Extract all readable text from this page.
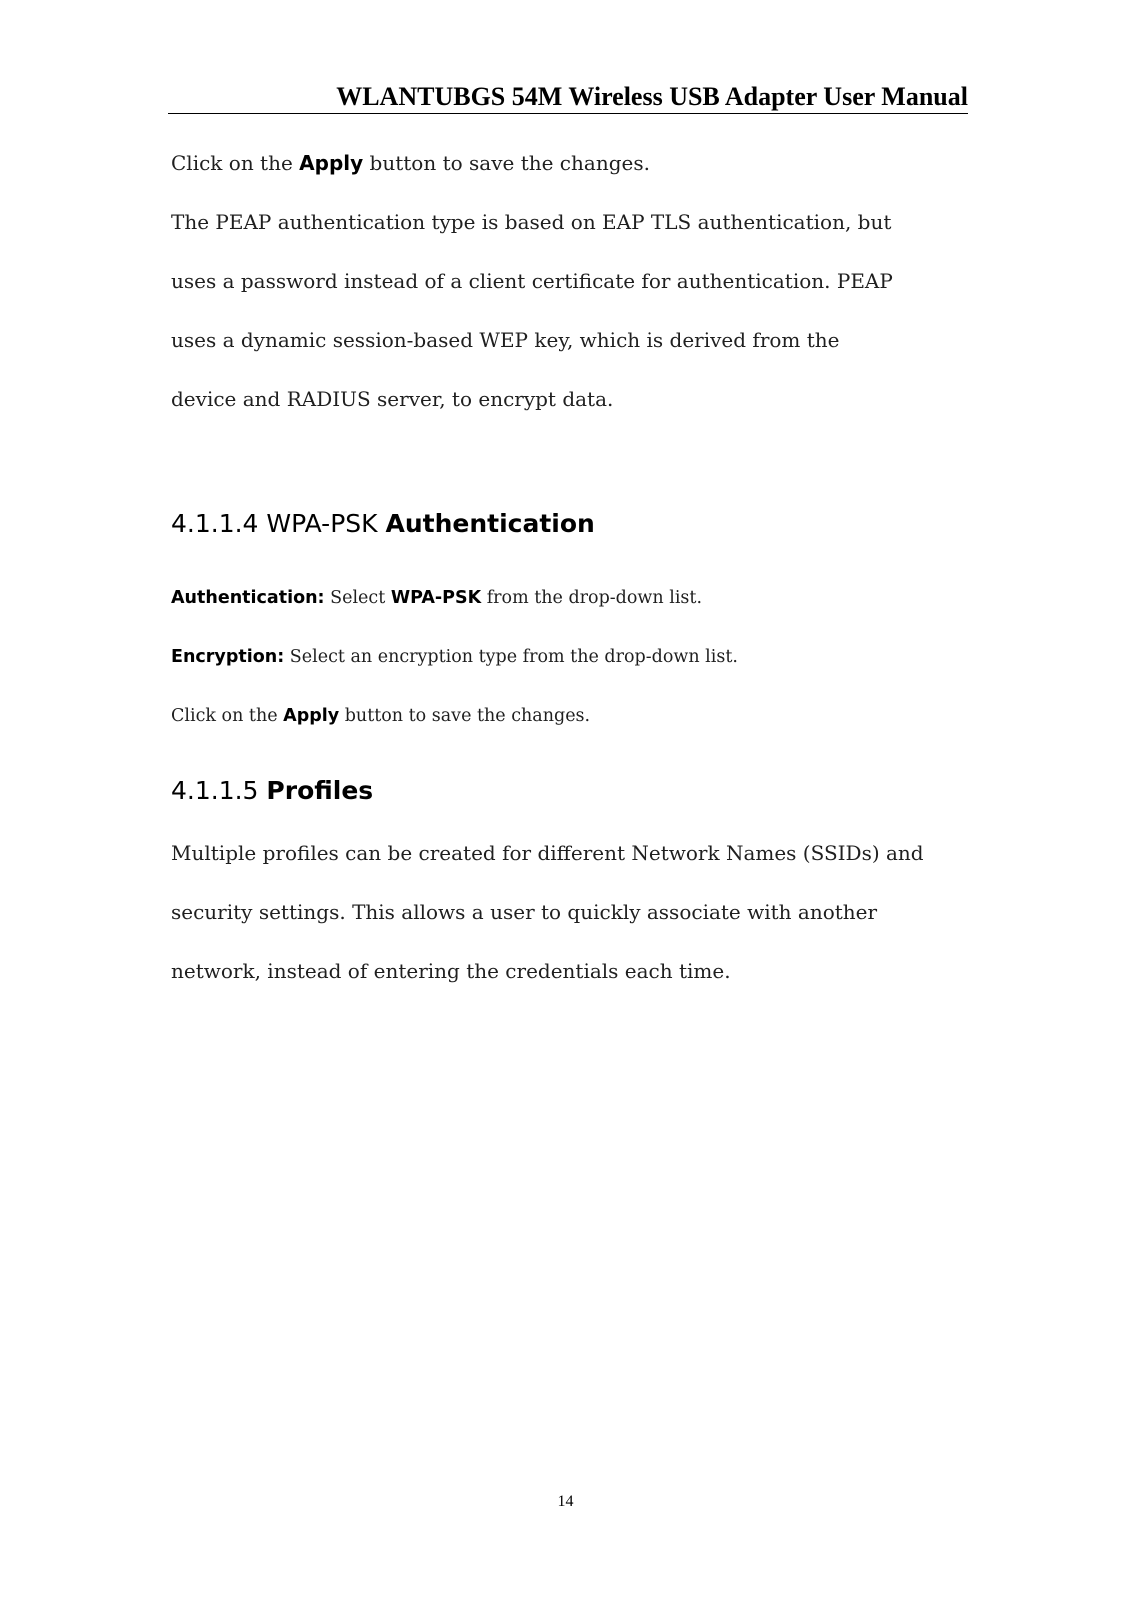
WLANTUBGS 54M Wireless USB Adapter User Manual

Click on the Apply button to save the changes.

The PEAP authentication type is based on EAP TLS authentication, but

uses a password instead of a client certificate for authentication. PEAP

uses a dynamic session-based WEP key, which is derived from the

device and RADIUS server, to encrypt data.

4.1.1.4 WPA-PSK Authentication

Authentication: Select WPA-PSK from the drop-down list.

Encryption: Select an encryption type from the drop-down list.

Click on the Apply button to save the changes.

4.1.1.5 Profiles

Multiple profiles can be created for different Network Names (SSIDs) and

security settings. This allows a user to quickly associate with another

network, instead of entering the credentials each time.

14
